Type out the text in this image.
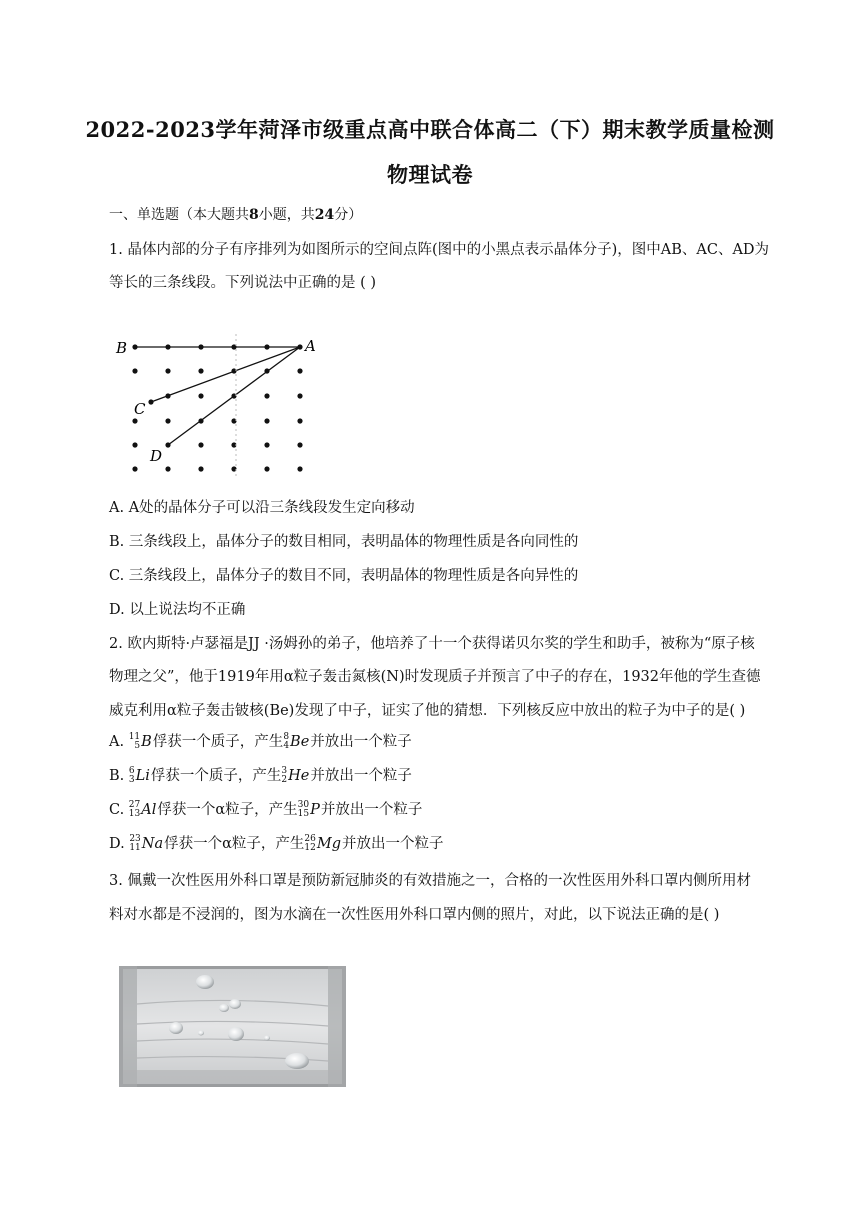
2022-2023学年菏泽市级重点高中联合体高二（下）期末教学质量检测
物理试卷
一、单选题（本大题共8小题，共24分）
1. 晶体内部的分子有序排列为如图所示的空间点阵(图中的小黑点表示晶体分子)，图中AB、AC、AD为
等长的三条线段。下列说法中正确的是 ( )
B	A
C
D
A. A处的晶体分子可以沿三条线段发生定向移动
B. 三条线段上，晶体分子的数目相同，表明晶体的物理性质是各向同性的
C. 三条线段上，晶体分子的数目不同，表明晶体的物理性质是各向异性的
D. 以上说法均不正确
2. 欧内斯特·卢瑟福是JJ ·汤姆孙的弟子，他培养了十一个获得诺贝尔奖的学生和助手，被称为“原子核
物理之父”，他于1919年用α粒子轰击氮核(N)时发现质子并预言了中子的存在，1932年他的学生查德
威克利用α粒子轰击铍核(Be)发现了中子，证实了他的猜想．下列核反应中放出的粒子为中子的是( )
A. 11
5 B俘获一个质子，产生 8
4 Be并放出一个粒子
B. 6
3 Li俘获一个质子，产生 3
2 He并放出一个粒子
C. 27
13 Al俘获一个α粒子，产生 30
15 P并放出一个粒子
D. 23
11 Na俘获一个α粒子，产生 26
12 Mg并放出一个粒子
3. 佩戴一次性医用外科口罩是预防新冠肺炎的有效措施之一，合格的一次性医用外科口罩内侧所用材
料对水都是不浸润的，图为水滴在一次性医用外科口罩内侧的照片，对此，以下说法正确的是( )
